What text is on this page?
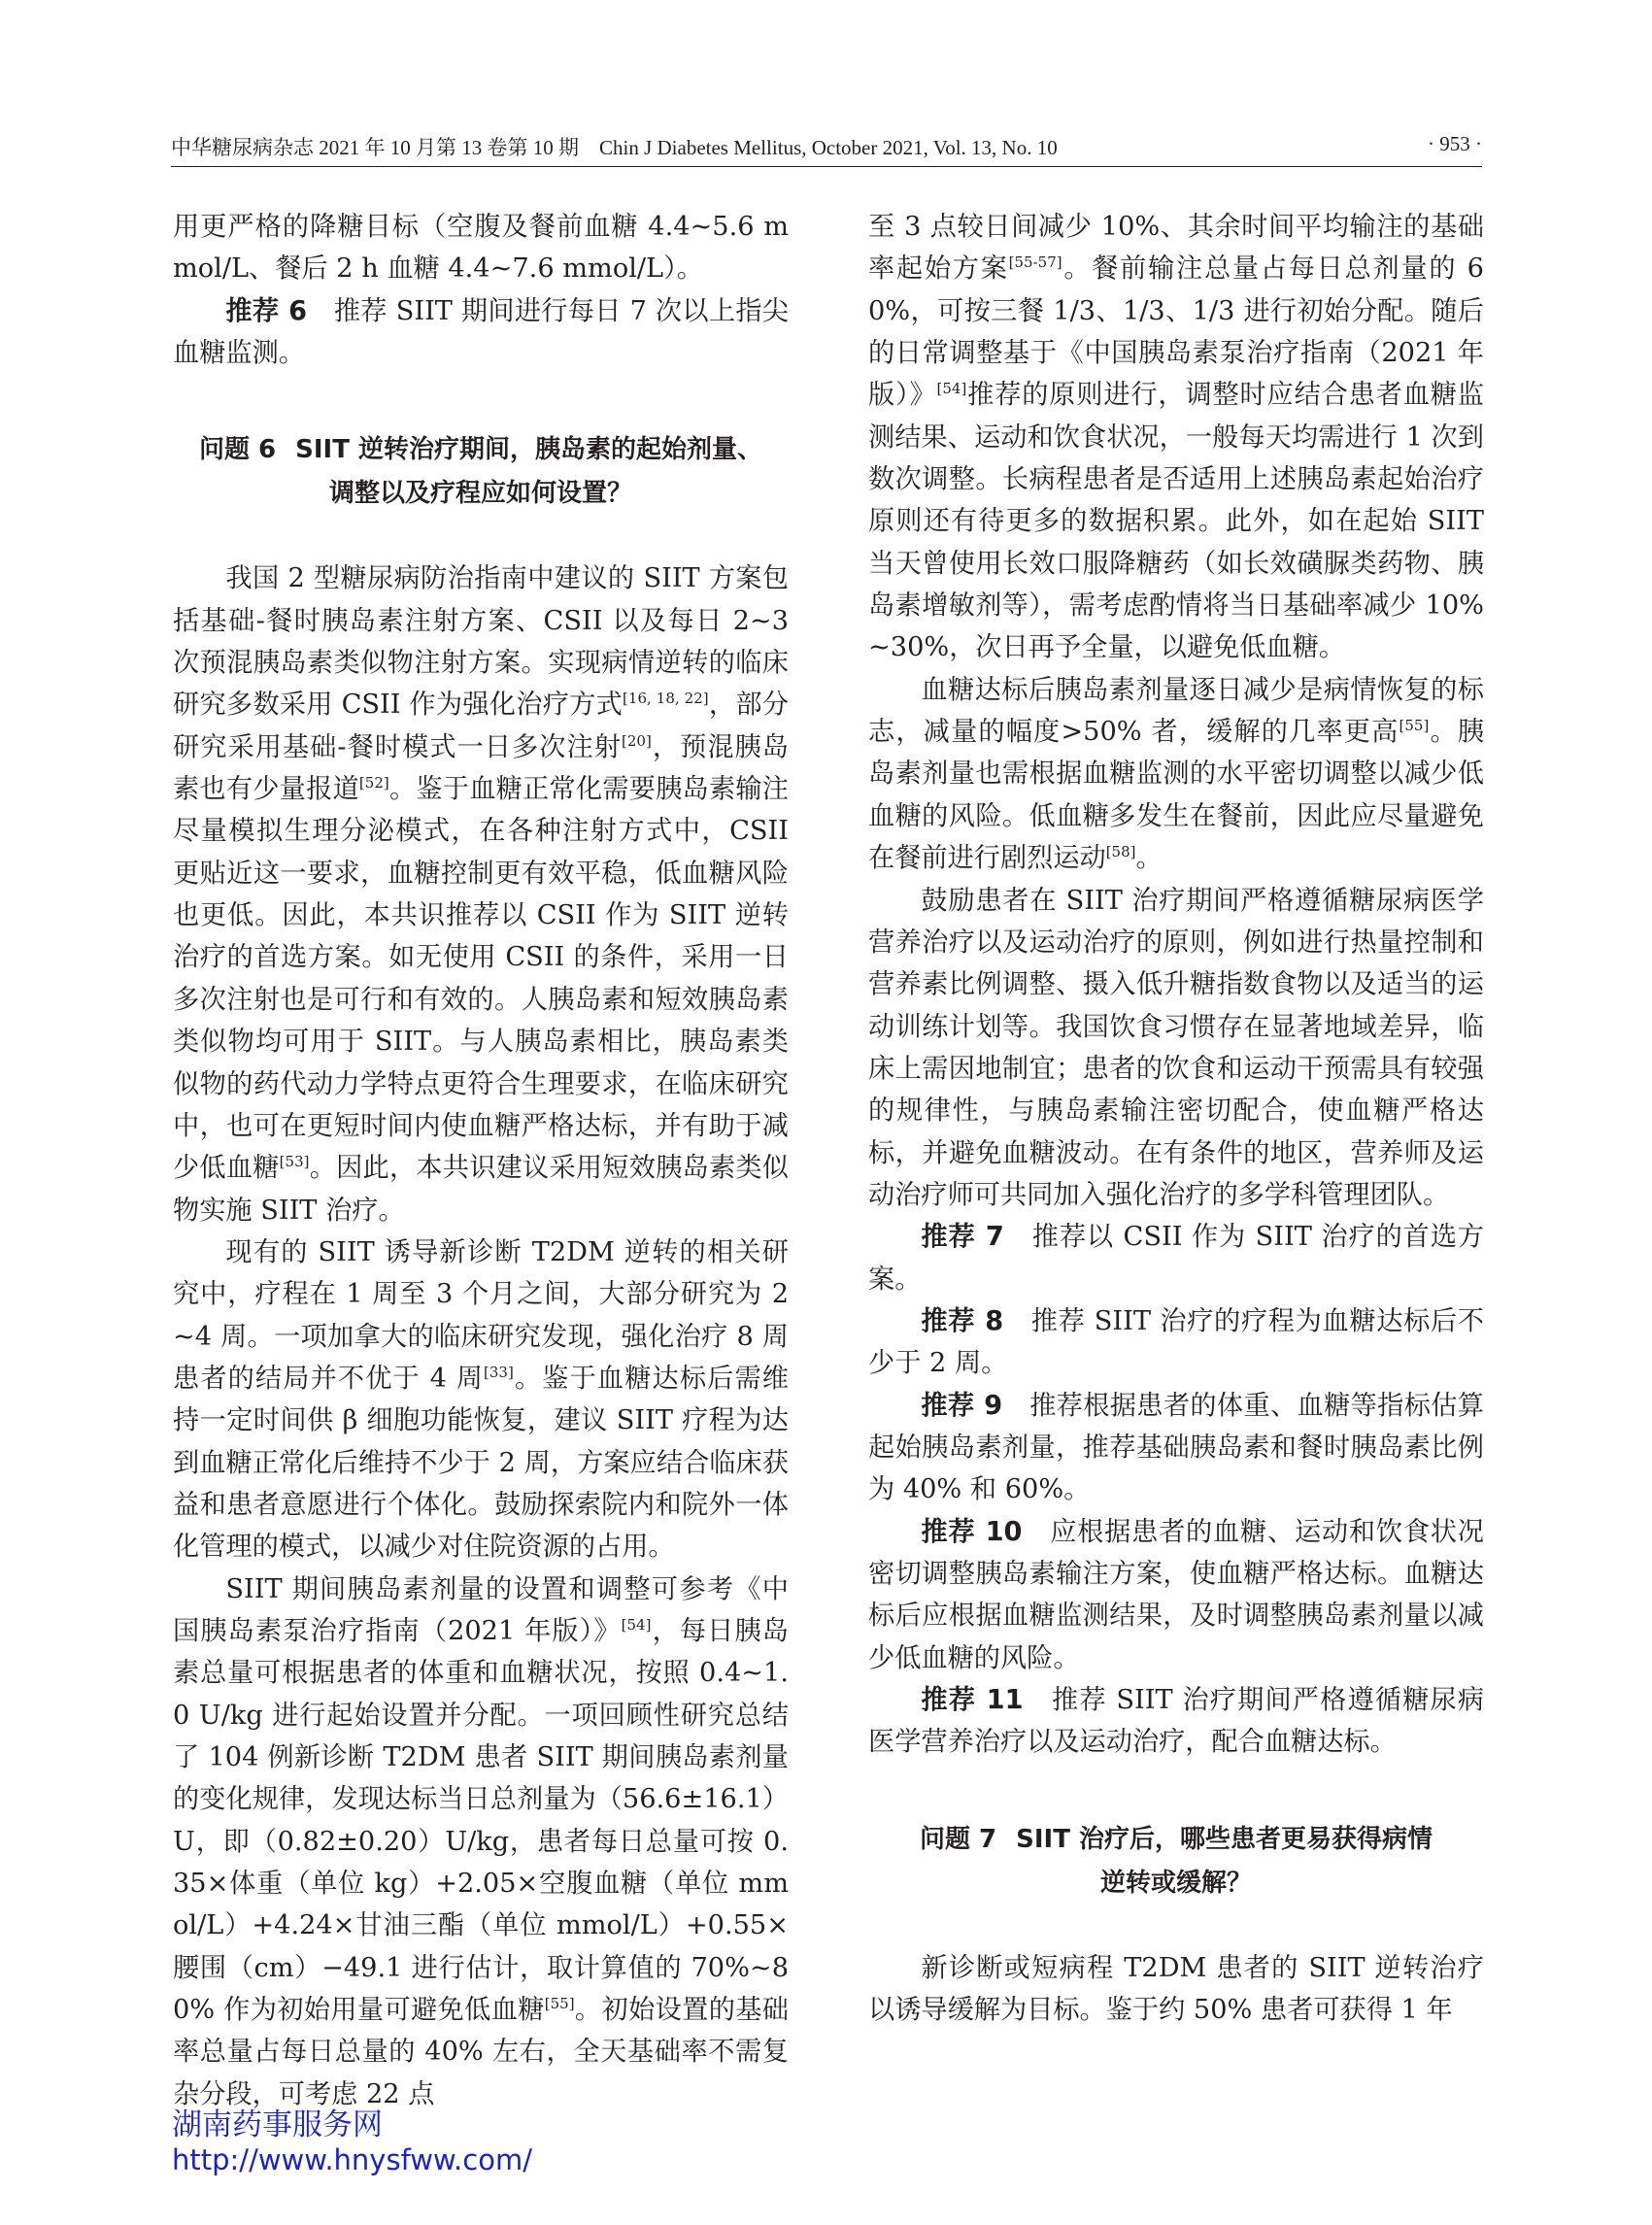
中华糖尿病杂志 2021 年 10 月第 13 卷第 10 期　Chin J Diabetes Mellitus, October 2021, Vol. 13, No. 10	· 953 ·

用更严格的降糖目标（空腹及餐前血糖 4.4~5.6 mmol/L、餐后 2 h 血糖 4.4~7.6 mmol/L）。

推荐 6　 推荐 SIIT 期间进行每日 7 次以上指尖血糖监测。

问题 6 SIIT 逆转治疗期间，胰岛素的起始剂量、

调整以及疗程应如何设置？

我国 2 型糖尿病防治指南中建议的 SIIT 方案包括基础-餐时胰岛素注射方案、CSII 以及每日 2~3 次预混胰岛素类似物注射方案。实现病情逆转的临床研究多数采用 CSII 作为强化治疗方式[16, 18, 22]，部分研究采用基础-餐时模式一日多次注射[20]，预混胰岛素也有少量报道[52]。鉴于血糖正常化需要胰岛素输注尽量模拟生理分泌模式，在各种注射方式中，CSII 更贴近这一要求，血糖控制更有效平稳，低血糖风险也更低。因此，本共识推荐以 CSII 作为 SIIT 逆转治疗的首选方案。如无使用 CSII 的条件，采用一日多次注射也是可行和有效的。人胰岛素和短效胰岛素类似物均可用于 SIIT。与人胰岛素相比，胰岛素类似物的药代动力学特点更符合生理要求，在临床研究中，也可在更短时间内使血糖严格达标，并有助于减少低血糖[53]。因此，本共识建议采用短效胰岛素类似物实施 SIIT 治疗。

现有的 SIIT 诱导新诊断 T2DM 逆转的相关研究中，疗程在 1 周至 3 个月之间，大部分研究为 2~4 周。一项加拿大的临床研究发现，强化治疗 8 周患者的结局并不优于 4 周[33]。鉴于血糖达标后需维持一定时间供 β 细胞功能恢复，建议 SIIT 疗程为达到血糖正常化后维持不少于 2 周，方案应结合临床获益和患者意愿进行个体化。鼓励探索院内和院外一体化管理的模式，以减少对住院资源的占用。

SIIT 期间胰岛素剂量的设置和调整可参考《中国胰岛素泵治疗指南（2021 年版）》[54]，每日胰岛素总量可根据患者的体重和血糖状况，按照 0.4~1.0 U/kg 进行起始设置并分配。一项回顾性研究总结了 104 例新诊断 T2DM 患者 SIIT 期间胰岛素剂量的变化规律，发现达标当日总剂量为（56.6±16.1）U，即（0.82±0.20）U/kg，患者每日总量可按 0.35×体重（单位 kg）+2.05×空腹血糖（单位 mmol/L）+4.24×甘油三酯（单位 mmol/L）+0.55×腰围（cm）−49.1 进行估计，取计算值的 70%~80% 作为初始用量可避免低血糖[55]。初始设置的基础率总量占每日总量的 40% 左右，全天基础率不需复杂分段，可考虑 22 点

至 3 点较日间减少 10%、其余时间平均输注的基础率起始方案[55-57]。餐前输注总量占每日总剂量的 60%，可按三餐 1/3、1/3、1/3 进行初始分配。随后的日常调整基于《中国胰岛素泵治疗指南（2021 年版）》[54]推荐的原则进行，调整时应结合患者血糖监测结果、运动和饮食状况，一般每天均需进行 1 次到数次调整。长病程患者是否适用上述胰岛素起始治疗原则还有待更多的数据积累。此外，如在起始 SIIT 当天曾使用长效口服降糖药（如长效磺脲类药物、胰岛素增敏剂等），需考虑酌情将当日基础率减少 10%~30%，次日再予全量，以避免低血糖。

血糖达标后胰岛素剂量逐日减少是病情恢复的标志，减量的幅度>50% 者，缓解的几率更高[55]。胰岛素剂量也需根据血糖监测的水平密切调整以减少低血糖的风险。低血糖多发生在餐前，因此应尽量避免在餐前进行剧烈运动[58]。

鼓励患者在 SIIT 治疗期间严格遵循糖尿病医学营养治疗以及运动治疗的原则，例如进行热量控制和营养素比例调整、摄入低升糖指数食物以及适当的运动训练计划等。我国饮食习惯存在显著地域差异，临床上需因地制宜；患者的饮食和运动干预需具有较强的规律性，与胰岛素输注密切配合，使血糖严格达标，并避免血糖波动。在有条件的地区，营养师及运动治疗师可共同加入强化治疗的多学科管理团队。

推荐 7　 推荐以 CSII 作为 SIIT 治疗的首选方案。

推荐 8　 推荐 SIIT 治疗的疗程为血糖达标后不少于 2 周。

推荐 9　 推荐根据患者的体重、血糖等指标估算起始胰岛素剂量，推荐基础胰岛素和餐时胰岛素比例为 40% 和 60%。

推荐 10　 应根据患者的血糖、运动和饮食状况密切调整胰岛素输注方案，使血糖严格达标。血糖达标后应根据血糖监测结果，及时调整胰岛素剂量以减少低血糖的风险。

推荐 11　 推荐 SIIT 治疗期间严格遵循糖尿病医学营养治疗以及运动治疗，配合血糖达标。

问题 7 SIIT 治疗后，哪些患者更易获得病情

逆转或缓解？

新诊断或短病程 T2DM 患者的 SIIT 逆转治疗以诱导缓解为目标。鉴于约 50% 患者可获得 1 年

湖南药事服务网
http://www.hnysfww.com/
